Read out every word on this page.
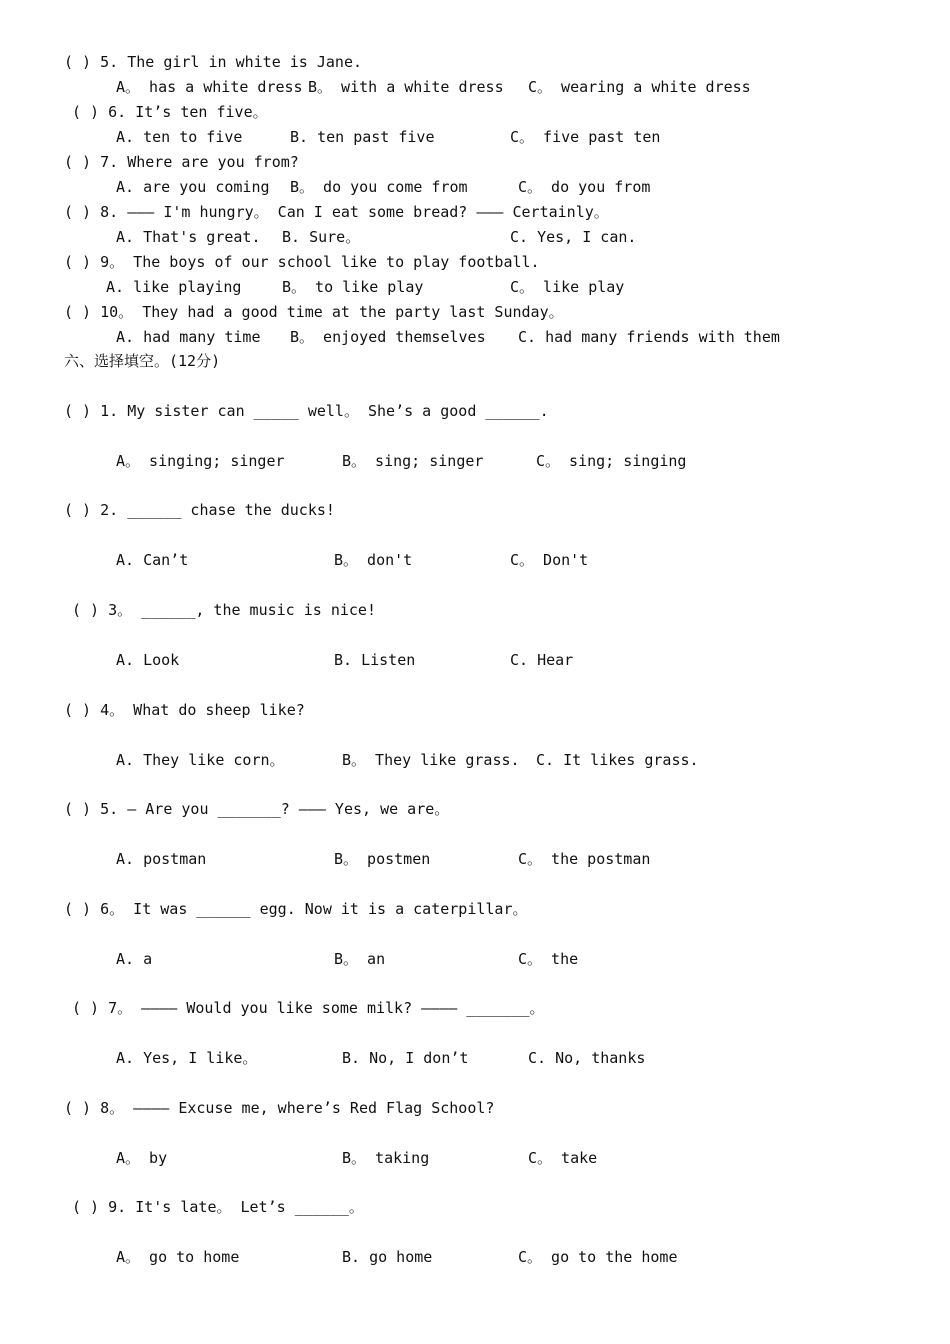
( ) 5. The girl in white is Jane.
A。 has a white dress B。 with a white dress C。 wearing a white dress
( ) 6. It’s ten five。
A. ten to five	B. ten past five	C。 five past ten
( ) 7. Where are you from?
A. are you coming B。 do you come from	C。 do you from
( ) 8. ——— I'm hungry。 Can I eat some bread? ——— Certainly。
A. That's great. B. Sure。	C. Yes, I can.
( ) 9。 The boys of our school like to play football.
A. like playing	B。 to like play	C。 like play
( ) 10。 They had a good time at the party last Sunday。
A. had many time B。 enjoyed themselves C. had many friends with them
六、选择填空。(12分)
( ) 1. My sister can _____ well。 She’s a good ______.
A。 singing; singer	B。 sing; singer	C。 sing; singing
( ) 2. ______ chase the ducks!
A. Can’t	B。 don't	C。 Don't
( ) 3。 ______, the music is nice!
A. Look	B. Listen	C. Hear
( ) 4。 What do sheep like?
A. They like corn。	B。 They like grass. C. It likes grass.
( ) 5. — Are you _______? ——— Yes, we are。
A. postman	B。 postmen	C。 the postman
( ) 6。 It was ______ egg. Now it is a caterpillar。
A. a	B。 an	C。 the
( ) 7。 ———— Would you like some milk? ———— _______。
A. Yes, I like。	B. No, I don’t	C. No, thanks
( ) 8。 ———— Excuse me, where’s Red Flag School?
A。 by	B。 taking	C。 take
( ) 9. It's late。 Let’s ______。
A。 go to home	B. go home	C。 go to the home
